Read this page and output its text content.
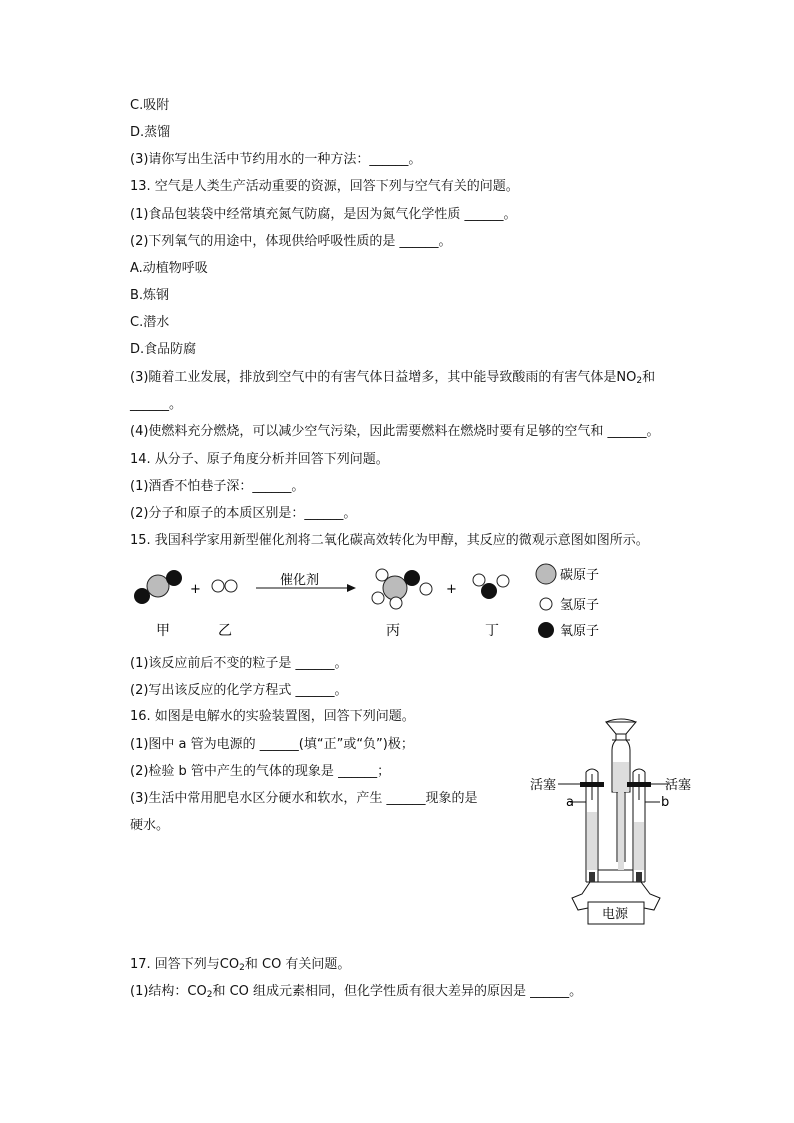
C.吸附
D.蒸馏
(3)请你写出生活中节约用水的一种方法：______。
13. 空气是人类生产活动重要的资源，回答下列与空气有关的问题。
(1)食品包装袋中经常填充氮气防腐，是因为氮气化学性质 ______。
(2)下列氧气的用途中，体现供给呼吸性质的是 ______。
A.动植物呼吸
B.炼钢
C.潜水
D.食品防腐
(3)随着工业发展，排放到空气中的有害气体日益增多，其中能导致酸雨的有害气体是$NO_2$和
______。
(4)使燃料充分燃烧，可以减少空气污染，因此需要燃料在燃烧时要有足够的空气和 ______。
14. 从分子、原子角度分析并回答下列问题。
(1)酒香不怕巷子深：______。
(2)分子和原子的本质区别是：______。
15. 我国科学家用新型催化剂将二氧化碳高效转化为甲醇，其反应的微观示意图如图所示。
+
催化剂
+
甲	乙	丙	丁
碳原子
氢原子
氧原子
(1)该反应前后不变的粒子是 ______。
(2)写出该反应的化学方程式 ______。
16. 如图是电解水的实验装置图，回答下列问题。
(1)图中 a 管为电源的 ______(填“正”或“负”)极；
(2)检验 b 管中产生的气体的现象是 ______；
(3)生活中常用肥皂水区分硬水和软水，产生 ______现象的是
硬水。
活塞	活塞
a	b
电源
17. 回答下列与$CO_2$和 CO 有关问题。
(1)结构：$CO_2$和 CO 组成元素相同，但化学性质有很大差异的原因是 ______。
